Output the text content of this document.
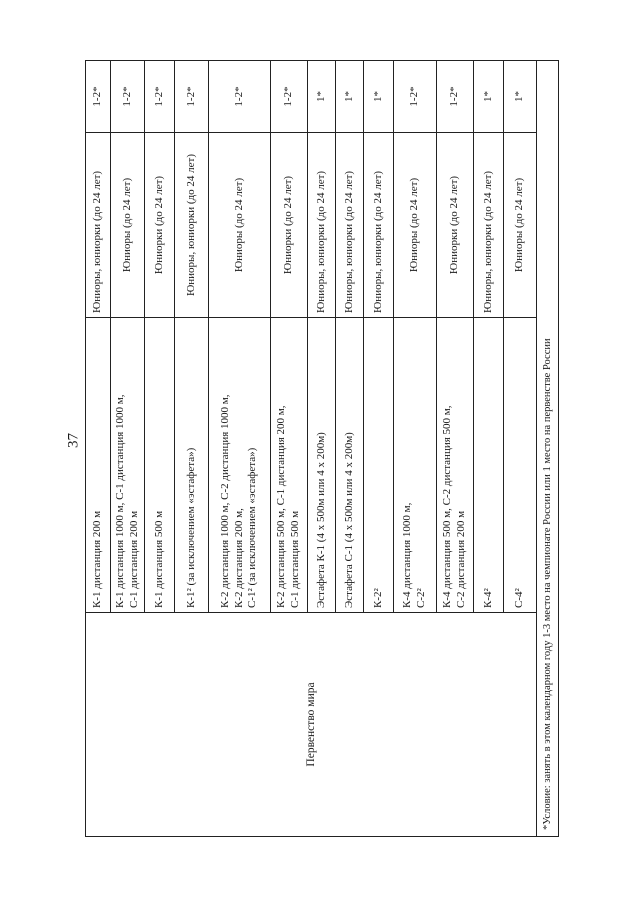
37
Первенство мира	К-1 дистанция 200 м	Юниоры, юниорки (до 24 лет)	1-2*

	К-1 дистанция 1000 м, С-1 дистанция 1000 м, С-1 дистанция 200 м	Юниоры (до 24 лет)	1-2*

	К-1 дистанция 500 м	Юниорки (до 24 лет)	1-2*

	К-1² (за исключением «эстафета»)	Юниоры, юниорки (до 24 лет)	1-2*

	К-2 дистанция 1000 м, С-2 дистанция 1000 м, К-2 дистанция 200 м, С-1² (за исключением «эстафета»)	Юниоры (до 24 лет)	1-2*

	К-2 дистанция 500 м, С-1 дистанция 200 м, С-1 дистанция 500 м	Юниорки (до 24 лет)	1-2*

	Эстафета К-1 (4 х 500м или 4 х 200м)	Юниоры, юниорки (до 24 лет)	1*

	Эстафета С-1 (4 х 500м или 4 х 200м)	Юниоры, юниорки (до 24 лет)	1*

	К-2²	Юниоры, юниорки (до 24 лет)	1*

	К-4 дистанция 1000 м, С-2²	Юниоры (до 24 лет)	1-2*

	К-4 дистанция 500 м, С-2 дистанция 500 м, С-2 дистанция 200 м	Юниорки (до 24 лет)	1-2*

	К-4²	Юниоры, юниорки (до 24 лет)	1*

	С-4²	Юниоры (до 24 лет)	1*
*Условие: занять в этом календарном году 1-3 место на чемпионате России или 1 место на первенстве России			
